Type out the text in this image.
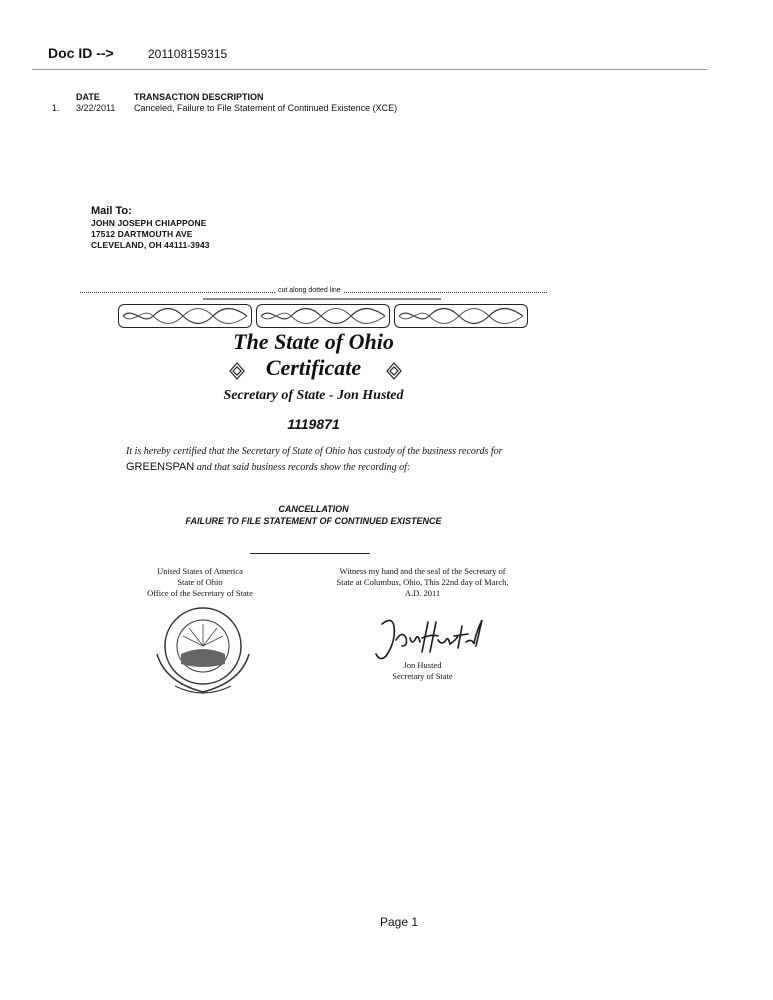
Doc ID -->	201108159315
DATE	TRANSACTION DESCRIPTION
1. 3/22/2011 Canceled, Failure to File Statement of Continued Existence (XCE)
Mail To:
JOHN JOSEPH CHIAPPONE
17512 DARTMOUTH AVE
CLEVELAND, OH 44111-3943
cut along dotted line
The State of Ohio
Certificate
Secretary of State - Jon Husted
1119871
It is hereby certified that the Secretary of State of Ohio has custody of the business records for
GREENSPAN and that said business records show the recording of:
CANCELLATION
FAILURE TO FILE STATEMENT OF CONTINUED EXISTENCE
United States of America
State of Ohio
Office of the Secretary of State
Witness my hand and the seal of the Secretary of
State at Columbus, Ohio, This 22nd day of March,
A.D. 2011
Jon Husted
Secretary of State
Page 1
